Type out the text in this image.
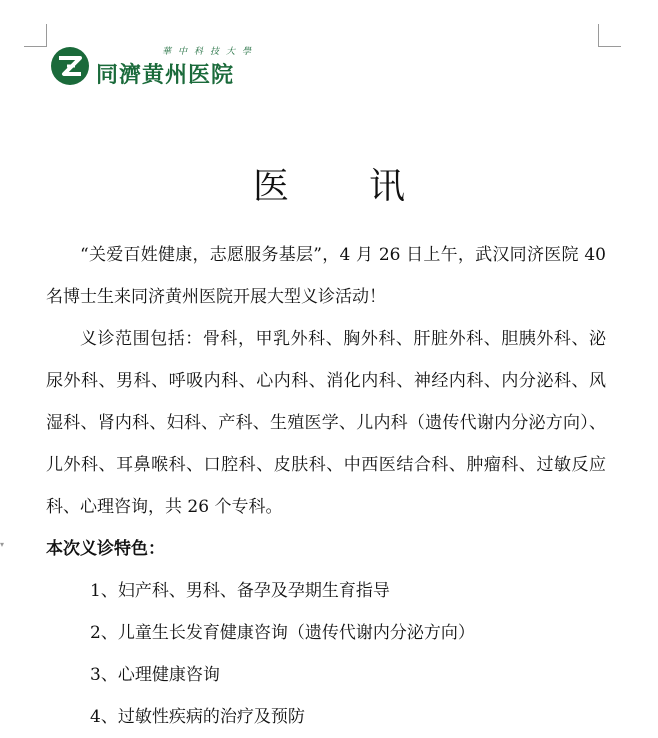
華中科技大學
同濟黄州医院
医 讯

“关爱百姓健康，志愿服务基层”，4 月 26 日上午，武汉同济医院 40 名博士生来同济黄州医院开展大型义诊活动！

义诊范围包括：骨科，甲乳外科、胸外科、肝脏外科、胆胰外科、泌尿外科、男科、呼吸内科、心内科、消化内科、神经内科、内分泌科、风湿科、肾内科、妇科、产科、生殖医学、儿内科（遗传代谢内分泌方向）、儿外科、耳鼻喉科、口腔科、皮肤科、中西医结合科、肿瘤科、过敏反应科、心理咨询，共 26 个专科。

本次义诊特色：

1、妇产科、男科、备孕及孕期生育指导
2、儿童生长发育健康咨询（遗传代谢内分泌方向）
3、心理健康咨询
4、过敏性疾病的治疗及预防
▾
